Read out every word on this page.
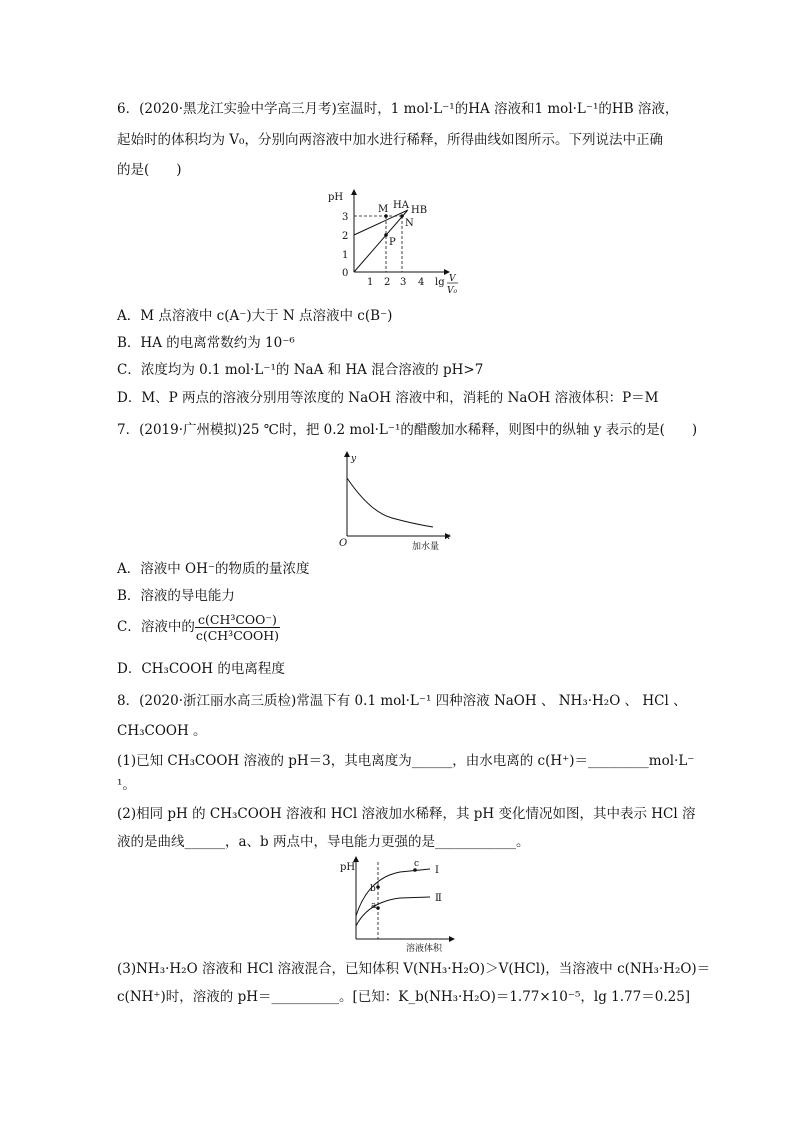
6．(2020·黑龙江实验中学高三月考)室温时，1 mol·L⁻¹的HA 溶液和1 mol·L⁻¹的HB 溶液，
起始时的体积均为 V₀，分别向两溶液中加水进行稀释，所得曲线如图所示。下列说法中正确
的是(　　)
pH
3
2
1
0
1 2 3 4 lg V
V₀
M HA HB
N
P
A．M 点溶液中 c(A⁻)大于 N 点溶液中 c(B⁻)
B．HA 的电离常数约为 10⁻⁶
C．浓度均为 0.1 mol·L⁻¹的 NaA 和 HA 混合溶液的 pH>7
D．M、P 两点的溶液分别用等浓度的 NaOH 溶液中和，消耗的 NaOH 溶液体积：P＝M
7．(2019·广州模拟)25 ℃时，把 0.2 mol·L⁻¹的醋酸加水稀释，则图中的纵轴 y 表示的是(　　)
y
x
O	加水量
A．溶液中 OH⁻的物质的量浓度
B．溶液的导电能力
C．溶液中的 $\frac{\text{c(CH³COO⁻)}}{\text{c(CH³COOH)}}$
D．CH₃COOH 的电离程度
8．(2020·浙江丽水高三质检)常温下有 0.1 mol·L⁻¹ 四种溶液 NaOH 、 NH₃·H₂O 、 HCl 、
CH₃COOH 。
(1)已知 CH₃COOH 溶液的 pH＝3，其电离度为______，由水电离的 c(H⁺)＝_________mol·L⁻
¹。
(2)相同 pH 的 CH₃COOH 溶液和 HCl 溶液加水稀释，其 pH 变化情况如图，其中表示 HCl 溶
液的是曲线______，a、b 两点中，导电能力更强的是____________。
pH
b
a
c
Ⅰ
Ⅱ
溶液体积
(3)NH₃·H₂O 溶液和 HCl 溶液混合，已知体积 V(NH₃·H₂O)＞V(HCl)，当溶液中 c(NH₃·H₂O)＝
c(NH⁺)时，溶液的 pH＝__________。[已知：K_b(NH₃·H₂O)＝1.77×10⁻⁵，lg 1.77＝0.25]
